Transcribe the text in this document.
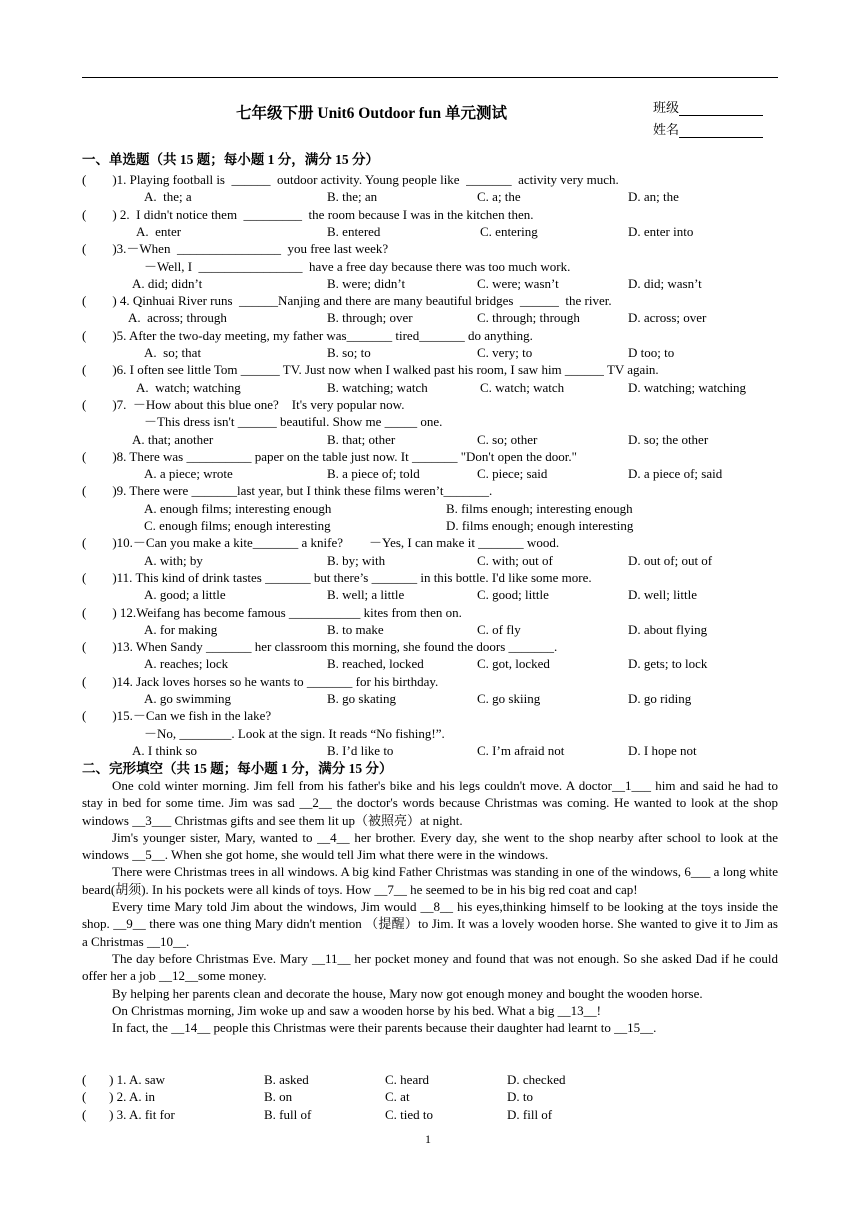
七年级下册 Unit6 Outdoor fun 单元测试	班级
姓名
一、单选题（共 15 题；每小题 1 分，满分 15 分）
(        )1. Playing football is  ______  outdoor activity. Young people like  _______  activity very much.
A.  the; a	B. the; an	C. a; the	D. an; the
(        ) 2.  I didn't notice them  _________  the room because I was in the kitchen then.
A.  enter	B. entered	C. entering	D. enter into
(        )3.－When  ________________  you free last week?
－Well, I  ________________  have a free day because there was too much work.
A. did; didn’t	B. were; didn’t	C. were; wasn’t	D. did; wasn’t
(        ) 4. Qinhuai River runs  ______Nanjing and there are many beautiful bridges  ______  the river.
A.  across; through	B. through; over	C. through; through	D. across; over
(        )5. After the two-day meeting, my father was_______ tired_______ do anything.
A.  so; that	B. so; to	C. very; to	D too; to
(        )6. I often see little Tom ______ TV. Just now when I walked past his room, I saw him ______ TV again.
A.  watch; watching	B. watching; watch	C. watch; watch	D. watching; watching
(        )7.  －How about this blue one?    It's very popular now.
－This dress isn't ______ beautiful. Show me _____ one.
A. that; another	B. that; other	C. so; other	D. so; the other
(        )8. There was __________ paper on the table just now. It _______ "Don't open the door."
A. a piece; wrote	B. a piece of; told	C. piece; said	D. a piece of; said
(        )9. There were _______last year, but I think these films weren’t_______.
A. enough films; interesting enough	B. films enough; interesting enough
C. enough films; enough interesting	D. films enough; enough interesting
(        )10.－Can you make a kite_______ a knife?        －Yes, I can make it _______ wood.
A. with; by	B. by; with	C. with; out of	D. out of; out of
(        )11. This kind of drink tastes _______ but there’s _______ in this bottle. I'd like some more.
A. good; a little	B. well; a little	C. good; little	D. well; little
(        ) 12.Weifang has become famous ___________ kites from then on.
A. for making	B. to make	C. of fly	D. about flying
(        )13. When Sandy _______ her classroom this morning, she found the doors _______.
A. reaches; lock	B. reached, locked	C. got, locked	D. gets; to lock
(        )14. Jack loves horses so he wants to _______ for his birthday.
A. go swimming	B. go skating	C. go skiing	D. go riding
(        )15.－Can we fish in the lake?
－No, ________. Look at the sign. It reads “No fishing!”.
A. I think so	B. I’d like to	C. I’m afraid not	D. I hope not
二、完形填空（共 15 题；每小题 1 分，满分 15 分）

One cold winter morning. Jim fell from his father's bike and his legs couldn't move. A doctor__1___ him and said he had to stay in bed for some time. Jim was sad __2__ the doctor's words because Christmas was coming. He wanted to look at the shop windows __3___ Christmas gifts and see them lit up（被照亮）at night.

Jim's younger sister, Mary, wanted to __4__ her brother. Every day, she went to the shop nearby after school to look at the windows __5__. When she got home, she would tell Jim what there were in the windows.

There were Christmas trees in all windows. A big kind Father Christmas was standing in one of the windows, 6___ a long white beard(胡须). In his pockets were all kinds of toys. How __7__ he seemed to be in his big red coat and cap!

Every time Mary told Jim about the windows, Jim would __8__ his eyes,thinking himself to be looking at the toys inside the shop. __9__ there was one thing Mary didn't mention （提醒）to Jim. It was a lovely wooden horse. She wanted to give it to Jim as a Christmas __10__.

The day before Christmas Eve. Mary __11__ her pocket money and found that was not enough. So she asked Dad if he could offer her a job __12__some money.

By helping her parents clean and decorate the house, Mary now got enough money and bought the wooden horse.

On Christmas morning, Jim woke up and saw a wooden horse by his bed. What a big __13__!

In fact, the __14__ people this Christmas were their parents because their daughter had learnt to __15__.

(       ) 1. A. saw	B. asked	C. heard	D. checked
(       ) 2. A. in	B. on	C. at	D. to
(       ) 3. A. fit for	B. full of	C. tied to	D. fill of
1
